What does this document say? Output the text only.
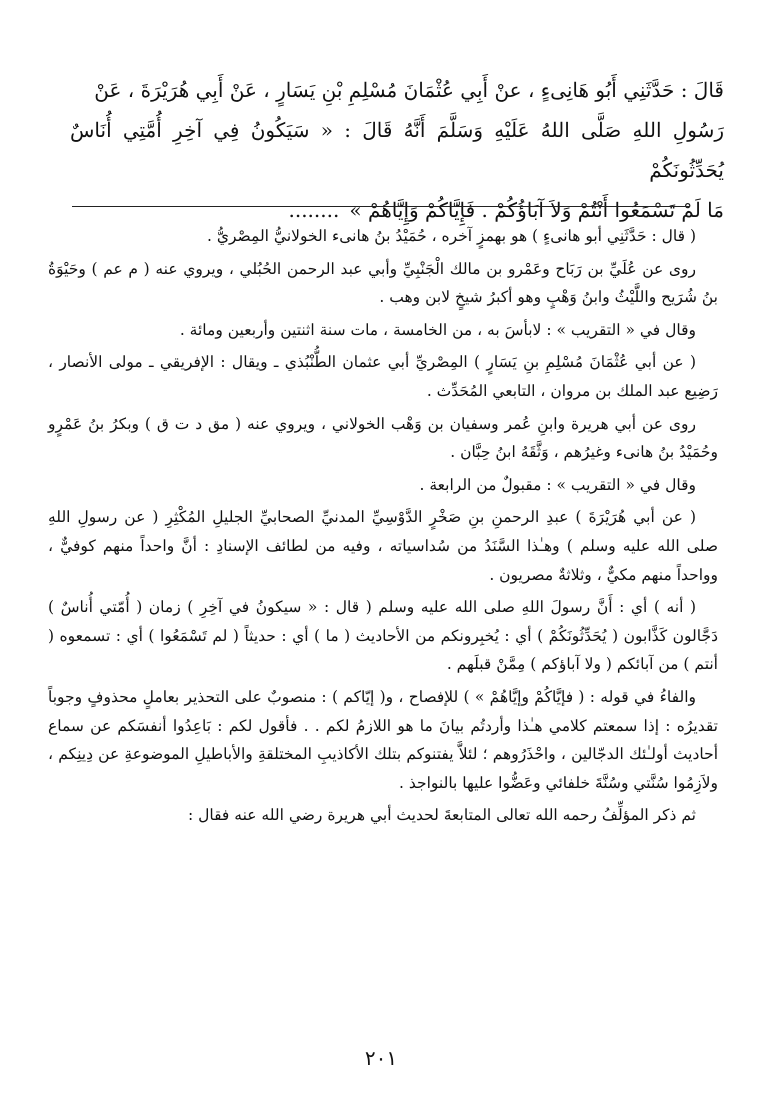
قَالَ : حَدَّثَنِي أَبُو هَانِىءٍ ، عنْ أَبِي عُثْمَانَ مُسْلِمِ بْنِ يَسَارٍ ، عَنْ أَبِي هُرَيْرَةَ ، عَنْ

رَسُولِ اللهِ صَلَّى اللهُ عَلَيْهِ وَسَلَّمَ أَنَّهُ قَالَ : « سَيَكُونُ فِي آخِرِ أُمَّتِي أُنَاسٌ يُحَدِّثُونَكُمْ

مَا لَمْ تَسْمَعُوا أَنْتُمْ وَلاَ آبَاؤُكُمْ . فَإِيَّاكُمْ وَإِيَّاهُمْ »........

( قال : حَدَّثَنِي أبو هانىءٍ ) هو بهمزٍ آخره ، حُمَيْدُ بنُ هانىء الخولانيُّ المِصْريُّ .

روى عن عُلَيِّ بن رَبَاح وعَمْرو بن مالك الْجَنْبِيِّ وأبي عبد الرحمن الحُبُلي ، ويروي عنه ( م عم ) وحَيْوَةُ بنُ شُرَيح واللَّيْثُ وابنُ وَهْبٍ وهو أكبرُ شيخٍ لابن وهب .

وقال في « التقريب » : لابأسَ به ، من الخامسة ، مات سنة اثنتين وأربعين ومائة .

( عن أبي عُثْمَانَ مُسْلِمِ بنِ يَسَارٍ ) المِصْريِّ أبي عثمان الطُّنْبُذي ـ ويقال : الإفريقي ـ مولى الأنصار ، رَضِيع عبد الملك بن مروان ، التابعي المُحَدِّث .

روى عن أبي هريرة وابنِ عُمر وسفيان بن وَهْب الخولاني ، ويروي عنه ( مق د ت ق ) وبكرُ بنُ عَمْرٍو وحُمَيْدُ بنُ هانىء وغيرُهم ، وَثَّقَهُ ابنُ حِبَّان .

وقال في « التقريب » : مقبولٌ من الرابعة .

( عن أبي هُرَيْرَةَ ) عبدِ الرحمنِ بنِ صَخْرٍ الدَّوْسِيِّ المدنيِّ الصحابيِّ الجليلِ المُكْثِرِ ( عن رسولِ اللهِ صلى الله عليه وسلم ) وهـٰذا السَّنَدُ من سُداسياته ، وفيه من لطائف الإسنادِ : أنَّ واحداً منهم كوفيٌّ ، وواحداً منهم مكيٌّ ، وثلاثةٌ مصريون .

( أنه ) أي : أَنَّ رسولَ اللهِ صلى الله عليه وسلم ( قال : « سيكونُ في آخِرِ ) زمان ( أُمّتي أُناسٌ ) دَجَّالون كَذَّابون ( يُحَدِّثُونَكُمْ ) أي : يُخبِرونكم من الأحاديث ( ما ) أي : حديثاً ( لم تَسْمَعُوا ) أي : تسمعوه ( أنتم ) من آبائكم ( ولا آباؤكم ) مِمَّنْ قبلَهم .

والفاءُ في قوله : ( فإيَّاكُمْ وإيَّاهُمْ » ) للإفصاح ، و( إيّاكم ) : منصوبٌ على التحذير بعاملٍ محذوفٍ وجوباً تقديرُه : إذا سمعتم كلامي هـٰذا وأردتُم بيانَ ما هو اللازمُ لكم . . فأقول لكم : بَاعِدُوا أنفسَكم عن سماع أحاديث أولـٰئك الدجّالين ، واحْذَرُوهم ؛ لئلاَّ يفتنوكم بتلك الأكاذيبِ المختلقةِ والأباطيلِ الموضوعةِ عن دِينِكم ، ولاَزِمُوا سُنَّتي وسُنَّةَ خلفائي وعَضُّوا عليها بالنواجذ .

ثم ذكر المؤلِّفُ رحمه الله تعالى المتابعةَ لحديث أبي هريرة رضي الله عنه فقال :

٢٠١
